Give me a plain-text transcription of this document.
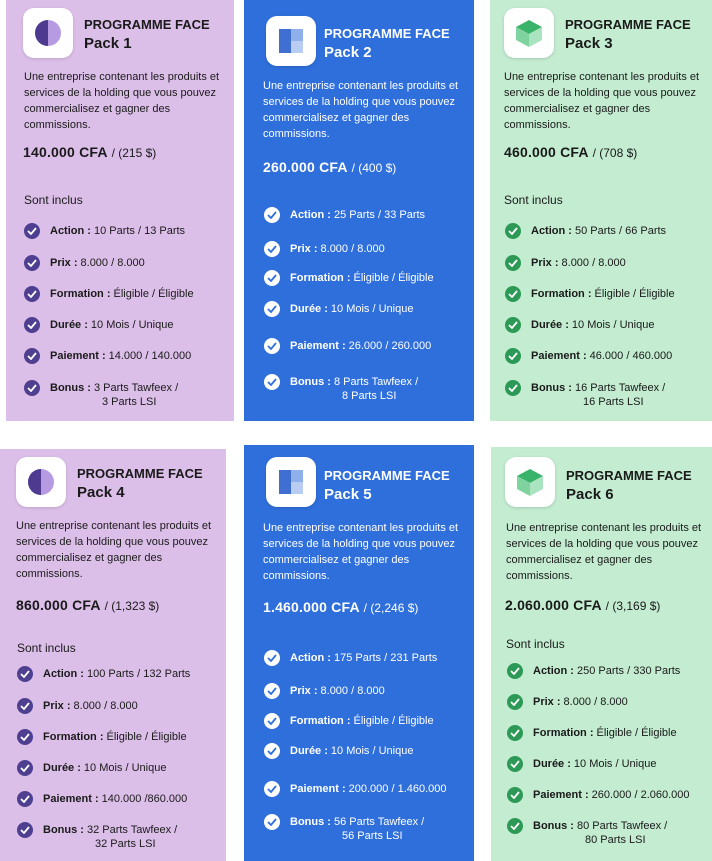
PROGRAMME FACE
Pack 1
Une entreprise contenant les produits et services de la holding que vous pouvez commercialisez et gagner des commissions.
140.000 CFA / (215 $)
Sont inclus
Action : 10 Parts / 13 Parts
Prix : 8.000 / 8.000
Formation : Éligible / Éligible
Durée : 10 Mois / Unique
Paiement : 14.000 / 140.000
Bonus : 3 Parts Tawfeex /
3 Parts LSI
PROGRAMME FACE
Pack 2
Une entreprise contenant les produits et services de la holding que vous pouvez commercialisez et gagner des commissions.
260.000 CFA / (400 $)
Action : 25 Parts / 33 Parts
Prix : 8.000 / 8.000
Formation : Éligible / Éligible
Durée : 10 Mois / Unique
Paiement : 26.000 / 260.000
Bonus : 8 Parts Tawfeex /
8 Parts LSI
PROGRAMME FACE
Pack 3
Une entreprise contenant les produits et services de la holding que vous pouvez commercialisez et gagner des commissions.
460.000 CFA / (708 $)
Sont inclus
Action : 50 Parts / 66 Parts
Prix : 8.000 / 8.000
Formation : Éligible / Éligible
Durée : 10 Mois / Unique
Paiement : 46.000 / 460.000
Bonus : 16 Parts Tawfeex /
16 Parts LSI
PROGRAMME FACE
Pack 4
Une entreprise contenant les produits et services de la holding que vous pouvez commercialisez et gagner des commissions.
860.000 CFA / (1,323 $)
Sont inclus
Action : 100 Parts / 132 Parts
Prix : 8.000 / 8.000
Formation : Éligible / Éligible
Durée : 10 Mois / Unique
Paiement : 140.000 /860.000
Bonus : 32 Parts Tawfeex /
32 Parts LSI
PROGRAMME FACE
Pack 5
Une entreprise contenant les produits et services de la holding que vous pouvez commercialisez et gagner des commissions.
1.460.000 CFA / (2,246 $)
Action : 175 Parts / 231 Parts
Prix : 8.000 / 8.000
Formation : Éligible / Éligible
Durée : 10 Mois / Unique
Paiement : 200.000 / 1.460.000
Bonus : 56 Parts Tawfeex /
56 Parts LSI
PROGRAMME FACE
Pack 6
Une entreprise contenant les produits et services de la holding que vous pouvez commercialisez et gagner des commissions.
2.060.000 CFA / (3,169 $)
Sont inclus
Action : 250 Parts / 330 Parts
Prix : 8.000 / 8.000
Formation : Éligible / Éligible
Durée : 10 Mois / Unique
Paiement : 260.000 / 2.060.000
Bonus : 80 Parts Tawfeex /
80 Parts LSI
